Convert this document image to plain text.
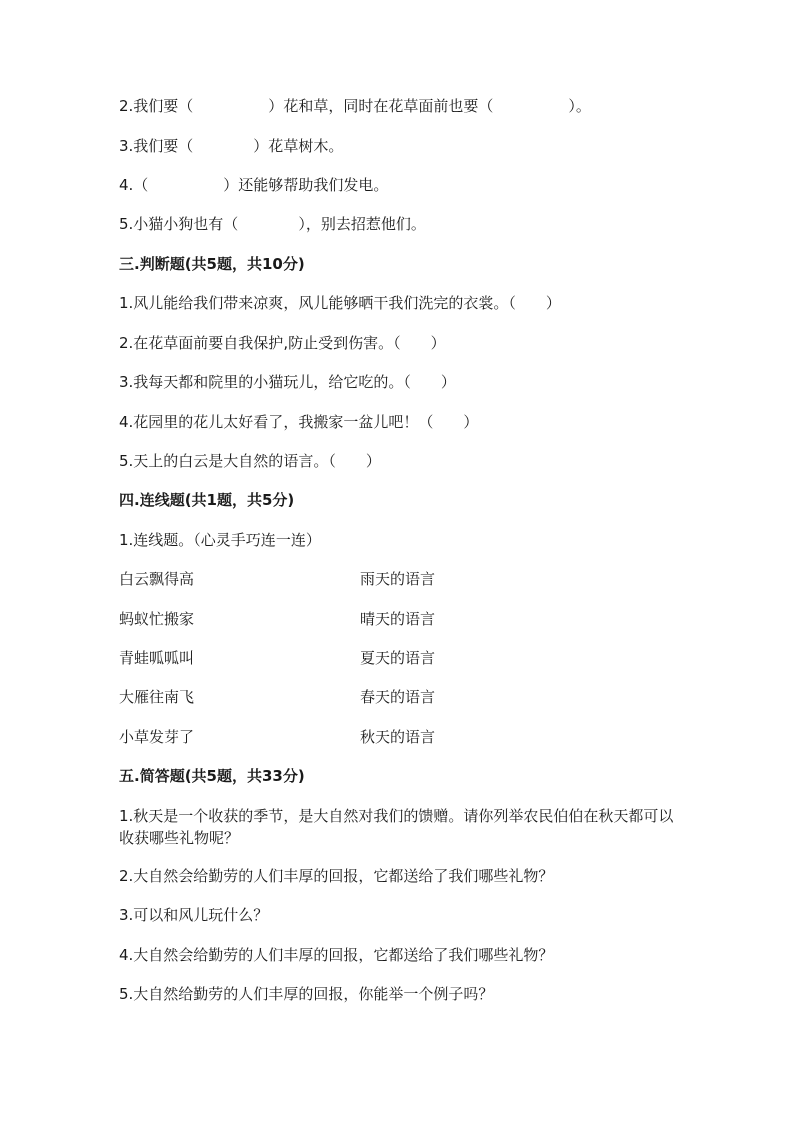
2.我们要（　　　　　）花和草，同时在花草面前也要（　　　　　）。
3.我们要（　　　　）花草树木。
4.（　　　　　）还能够帮助我们发电。
5.小猫小狗也有（　　　　），别去招惹他们。
三.判断题(共5题，共10分)
1.风儿能给我们带来凉爽，风儿能够晒干我们洗完的衣裳。（　　）
2.在花草面前要自我保护,防止受到伤害。（　　）
3.我每天都和院里的小猫玩儿，给它吃的。（　　）
4.花园里的花儿太好看了，我搬家一盆儿吧！（　　）
5.天上的白云是大自然的语言。（　　）
四.连线题(共1题，共5分)
1.连线题。（心灵手巧连一连）
白云飘得高	雨天的语言
蚂蚁忙搬家	晴天的语言
青蛙呱呱叫	夏天的语言
大雁往南飞	春天的语言
小草发芽了	秋天的语言
五.简答题(共5题，共33分)
1.秋天是一个收获的季节，是大自然对我们的馈赠。请你列举农民伯伯在秋天都可以收获哪些礼物呢？
2.大自然会给勤劳的人们丰厚的回报，它都送给了我们哪些礼物？
3.可以和风儿玩什么？
4.大自然会给勤劳的人们丰厚的回报，它都送给了我们哪些礼物？
5.大自然给勤劳的人们丰厚的回报，你能举一个例子吗？
